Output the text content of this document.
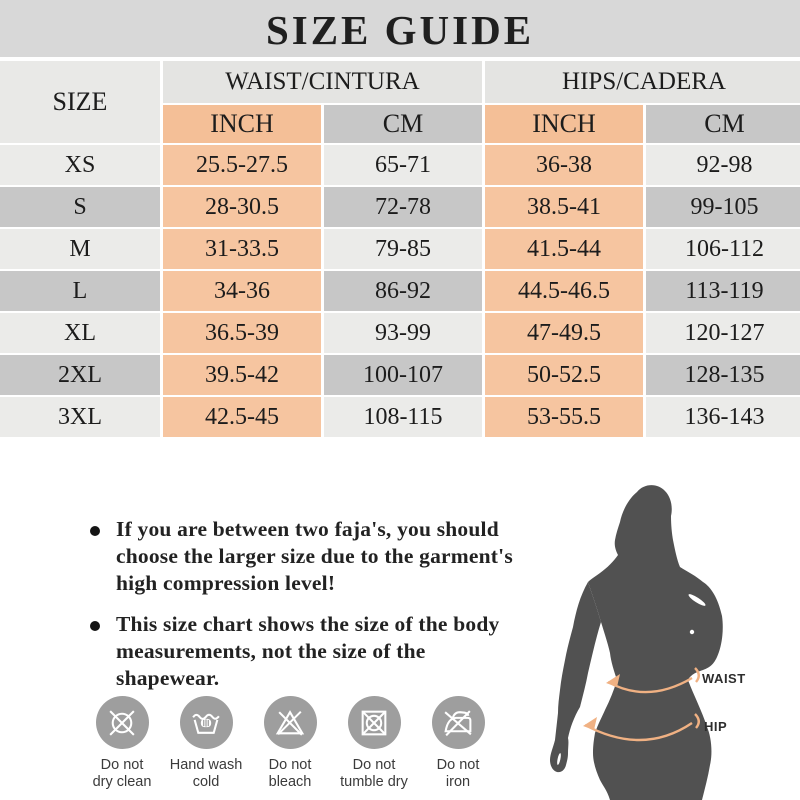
SIZE GUIDE
SIZE	WAIST/CINTURA		HIPS/CADERA	
	INCH	CM	INCH	CM
XS	25.5-27.5	65-71	36-38	92-98
S	28-30.5	72-78	38.5-41	99-105
M	31-33.5	79-85	41.5-44	106-112
L	34-36	86-92	44.5-46.5	113-119
XL	36.5-39	93-99	47-49.5	120-127
2XL	39.5-42	100-107	50-52.5	128-135
3XL	42.5-45	108-115	53-55.5	136-143
If you are between two faja's, you should
choose the larger size due to the garment's
high compression level!
This size chart shows the size of the body
measurements, not the size of the
shapewear.
Do not
dry clean
Hand wash
cold
Do not
bleach
Do not
tumble dry
Do not
iron
WAIST
HIP
